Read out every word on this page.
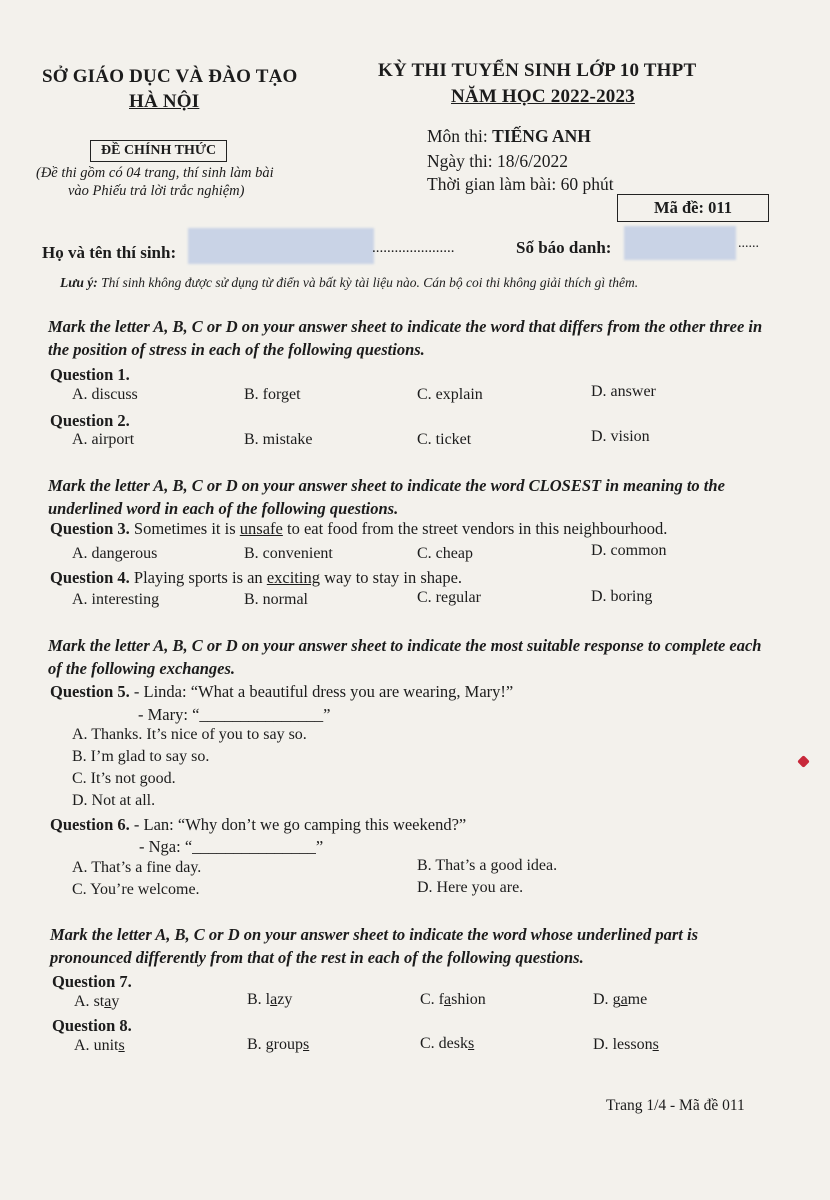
SỞ GIÁO DỤC VÀ ĐÀO TẠO
HÀ NỘI
KỲ THI TUYỂN SINH LỚP 10 THPT
NĂM HỌC 2022-2023
ĐỀ CHÍNH THỨC
(Đề thi gồm có 04 trang, thí sinh làm bài
vào Phiếu trả lời trắc nghiệm)
Môn thi: TIẾNG ANH
Ngày thi: 18/6/2022
Thời gian làm bài: 60 phút
Mã đề: 011
Họ và tên thí sinh:	......................	Số báo danh:	......
Lưu ý: Thí sinh không được sử dụng từ điển và bất kỳ tài liệu nào. Cán bộ coi thi không giải thích gì thêm.
Mark the letter A, B, C or D on your answer sheet to indicate the word that differs from the other three in the position of stress in each of the following questions.
Question 1.
A. discuss	B. forget	C. explain	D. answer
Question 2.
A. airport	B. mistake	C. ticket	D. vision
Mark the letter A, B, C or D on your answer sheet to indicate the word CLOSEST in meaning to the underlined word in each of the following questions.
Question 3. Sometimes it is unsafe to eat food from the street vendors in this neighbourhood.
A. dangerous	B. convenient	C. cheap	D. common
Question 4. Playing sports is an exciting way to stay in shape.
A. interesting	B. normal	C. regular	D. boring
Mark the letter A, B, C or D on your answer sheet to indicate the most suitable response to complete each of the following exchanges.
Question 5. - Linda: “What a beautiful dress you are wearing, Mary!”
- Mary: “_______________”
A. Thanks. It’s nice of you to say so.
B. I’m glad to say so.
C. It’s not good.
D. Not at all.
Question 6. - Lan: “Why don’t we go camping this weekend?”
- Nga: “_______________”
A. That’s a fine day.	B. That’s a good idea.
C. You’re welcome.	D. Here you are.
Mark the letter A, B, C or D on your answer sheet to indicate the word whose underlined part is pronounced differently from that of the rest in each of the following questions.
Question 7.
A. stay	B. lazy	C. fashion	D. game
Question 8.
A. units	B. groups	C. desks	D. lessons
Trang 1/4 - Mã đề 011
